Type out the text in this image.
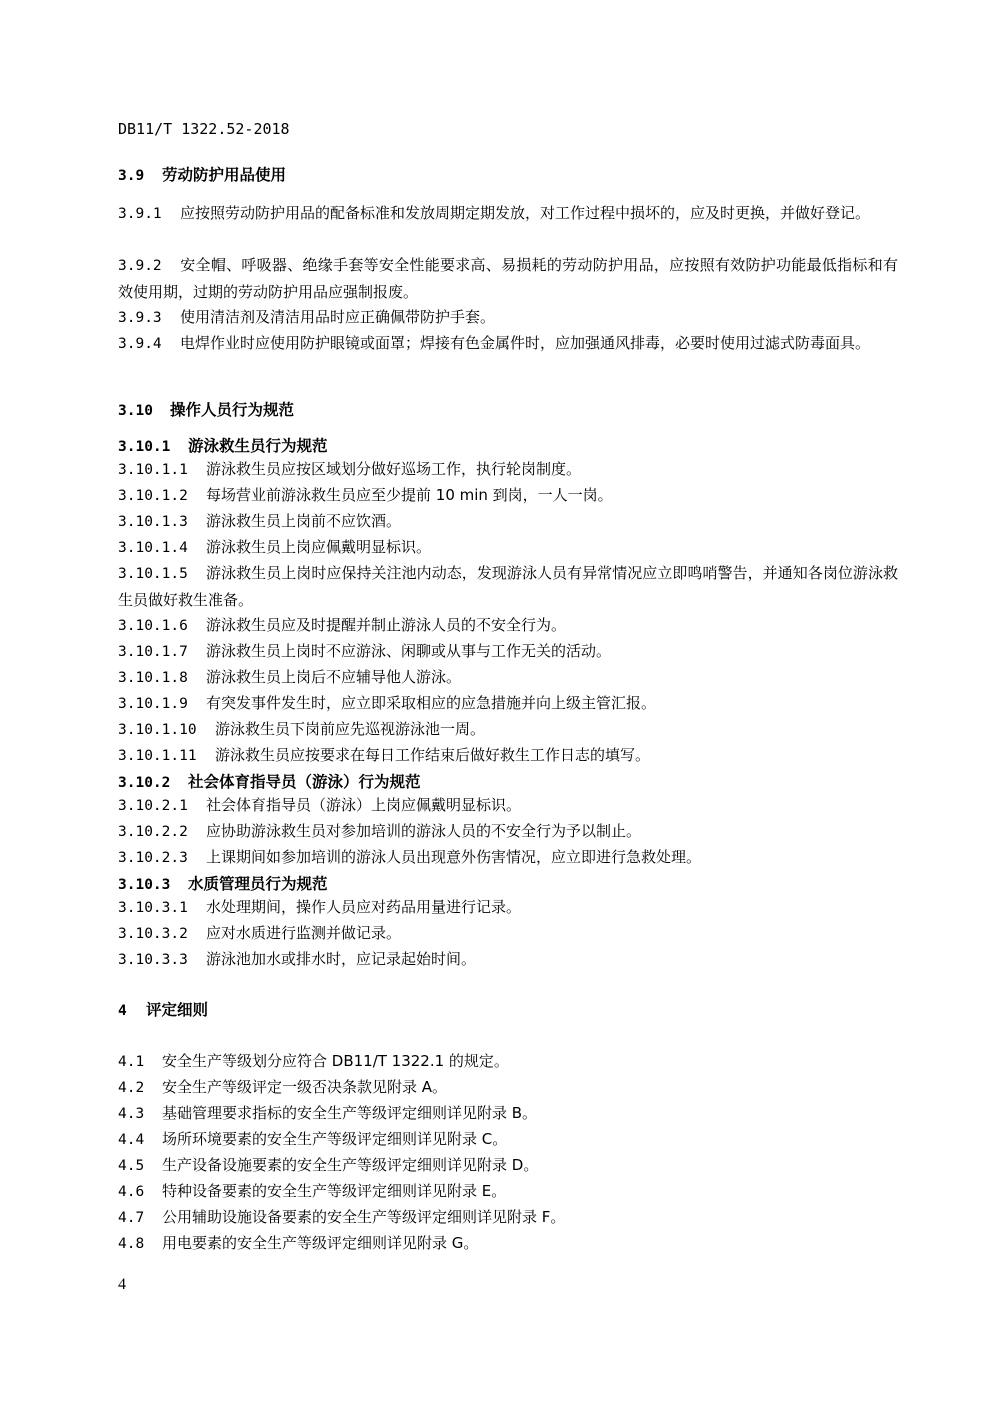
DB11/T 1322.52-2018
3.9 劳动防护用品使用
3.9.1 应按照劳动防护用品的配备标准和发放周期定期发放，对工作过程中损坏的，应及时更换，并做好登记。
3.9.2 安全帽、呼吸器、绝缘手套等安全性能要求高、易损耗的劳动防护用品，应按照有效防护功能最低指标和有效使用期，过期的劳动防护用品应强制报废。
3.9.3 使用清洁剂及清洁用品时应正确佩带防护手套。
3.9.4 电焊作业时应使用防护眼镜或面罩；焊接有色金属件时，应加强通风排毒，必要时使用过滤式防毒面具。
3.10 操作人员行为规范
3.10.1 游泳救生员行为规范
3.10.1.1 游泳救生员应按区域划分做好巡场工作，执行轮岗制度。
3.10.1.2 每场营业前游泳救生员应至少提前 10 min 到岗，一人一岗。
3.10.1.3 游泳救生员上岗前不应饮酒。
3.10.1.4 游泳救生员上岗应佩戴明显标识。
3.10.1.5 游泳救生员上岗时应保持关注池内动态，发现游泳人员有异常情况应立即鸣哨警告，并通知各岗位游泳救生员做好救生准备。
3.10.1.6 游泳救生员应及时提醒并制止游泳人员的不安全行为。
3.10.1.7 游泳救生员上岗时不应游泳、闲聊或从事与工作无关的活动。
3.10.1.8 游泳救生员上岗后不应辅导他人游泳。
3.10.1.9 有突发事件发生时，应立即采取相应的应急措施并向上级主管汇报。
3.10.1.10 游泳救生员下岗前应先巡视游泳池一周。
3.10.1.11 游泳救生员应按要求在每日工作结束后做好救生工作日志的填写。
3.10.2 社会体育指导员（游泳）行为规范
3.10.2.1 社会体育指导员（游泳）上岗应佩戴明显标识。
3.10.2.2 应协助游泳救生员对参加培训的游泳人员的不安全行为予以制止。
3.10.2.3 上课期间如参加培训的游泳人员出现意外伤害情况，应立即进行急救处理。
3.10.3 水质管理员行为规范
3.10.3.1 水处理期间，操作人员应对药品用量进行记录。
3.10.3.2 应对水质进行监测并做记录。
3.10.3.3 游泳池加水或排水时，应记录起始时间。
4 评定细则
4.1 安全生产等级划分应符合 DB11/T 1322.1 的规定。
4.2 安全生产等级评定一级否决条款见附录 A。
4.3 基础管理要求指标的安全生产等级评定细则详见附录 B。
4.4 场所环境要素的安全生产等级评定细则详见附录 C。
4.5 生产设备设施要素的安全生产等级评定细则详见附录 D。
4.6 特种设备要素的安全生产等级评定细则详见附录 E。
4.7 公用辅助设施设备要素的安全生产等级评定细则详见附录 F。
4.8 用电要素的安全生产等级评定细则详见附录 G。
4
